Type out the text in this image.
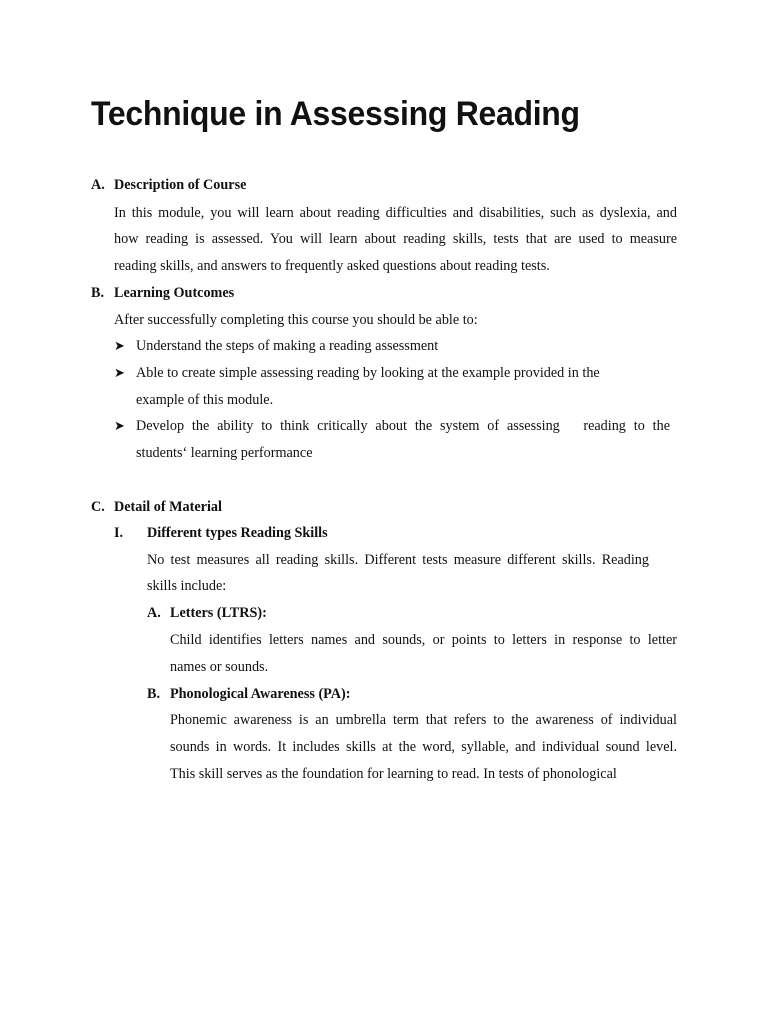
Technique in Assessing Reading
A. Description of Course
In this module, you will learn about reading difficulties and disabilities, such as dyslexia, and
how reading is assessed. You will learn about reading skills, tests that are used to measure
reading skills, and answers to frequently asked questions about reading tests.
B. Learning Outcomes
After successfully completing this course you should be able to:
➤ Understand the steps of making a reading assessment
➤ Able to create simple assessing reading by looking at the example provided in the
example of this module.
➤ Develop the ability to think critically about the system of assessing   reading to the
students‘ learning performance
C. Detail of Material
I. Different types Reading Skills
No test measures all reading skills. Different tests measure different skills. Reading
skills include:
A. Letters (LTRS):
Child identifies letters names and sounds, or points to letters in response to letter
names or sounds.
B. Phonological Awareness (PA):
Phonemic awareness is an umbrella term that refers to the awareness of individual
sounds in words. It includes skills at the word, syllable, and individual sound level.
This skill serves as the foundation for learning to read. In tests of phonological
